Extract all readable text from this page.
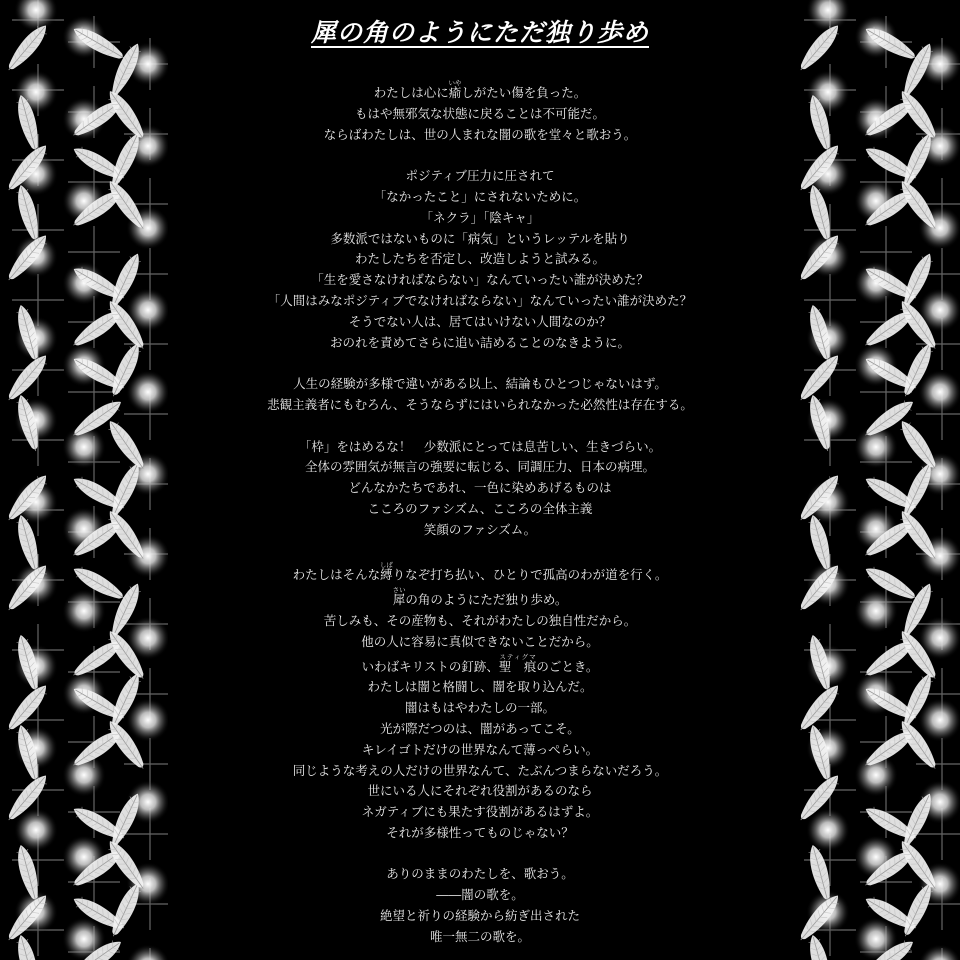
犀の角のようにただ独り歩め
わたしは心に瘉いやしがたい傷を負った。
もはや無邪気な状態に戻ることは不可能だ。
ならばわたしは、世の人まれな闇の歌を堂々と歌おう。
ポジティブ圧力に圧されて
「なかったこと」にされないために。
「ネクラ」「陰キャ」
多数派ではないものに「病気」というレッテルを貼り
わたしたちを否定し、改造しようと試みる。
「生を愛さなければならない」なんていったい誰が決めた？
「人間はみなポジティブでなければならない」なんていったい誰が決めた？
そうでない人は、居てはいけない人間なのか？
おのれを責めてさらに追い詰めることのなきように。
人生の経験が多様で違いがある以上、結論もひとつじゃないはず。
悲観主義者にもむろん、そうならずにはいられなかった必然性は存在する。
「枠」をはめるな！　少数派にとっては息苦しい、生きづらい。
全体の雰囲気が無言の強要に転じる、同調圧力、日本の病理。
どんなかたちであれ、一色に染めあげるものは
こころのファシズム、こころの全体主義
笑顔のファシズム。
わたしはそんな縛しばりなぞ打ち払い、ひとりで孤高のわが道を行く。
犀さいの角のようにただ独り歩め。
苦しみも、その産物も、それがわたしの独自性だから。
他の人に容易に真似できないことだから。
いわばキリストの釘跡、聖　痕スティグマのごとき。
わたしは闇と格闘し、闇を取り込んだ。
闇はもはやわたしの一部。
光が際だつのは、闇があってこそ。
キレイゴトだけの世界なんて薄っぺらい。
同じような考えの人だけの世界なんて、たぶんつまらないだろう。
世にいる人にそれぞれ役割があるのなら
ネガティブにも果たす役割があるはずよ。
それが多様性ってものじゃない？
ありのままのわたしを、歌おう。
――闇の歌を。
絶望と祈りの経験から紡ぎ出された
唯一無二の歌を。
